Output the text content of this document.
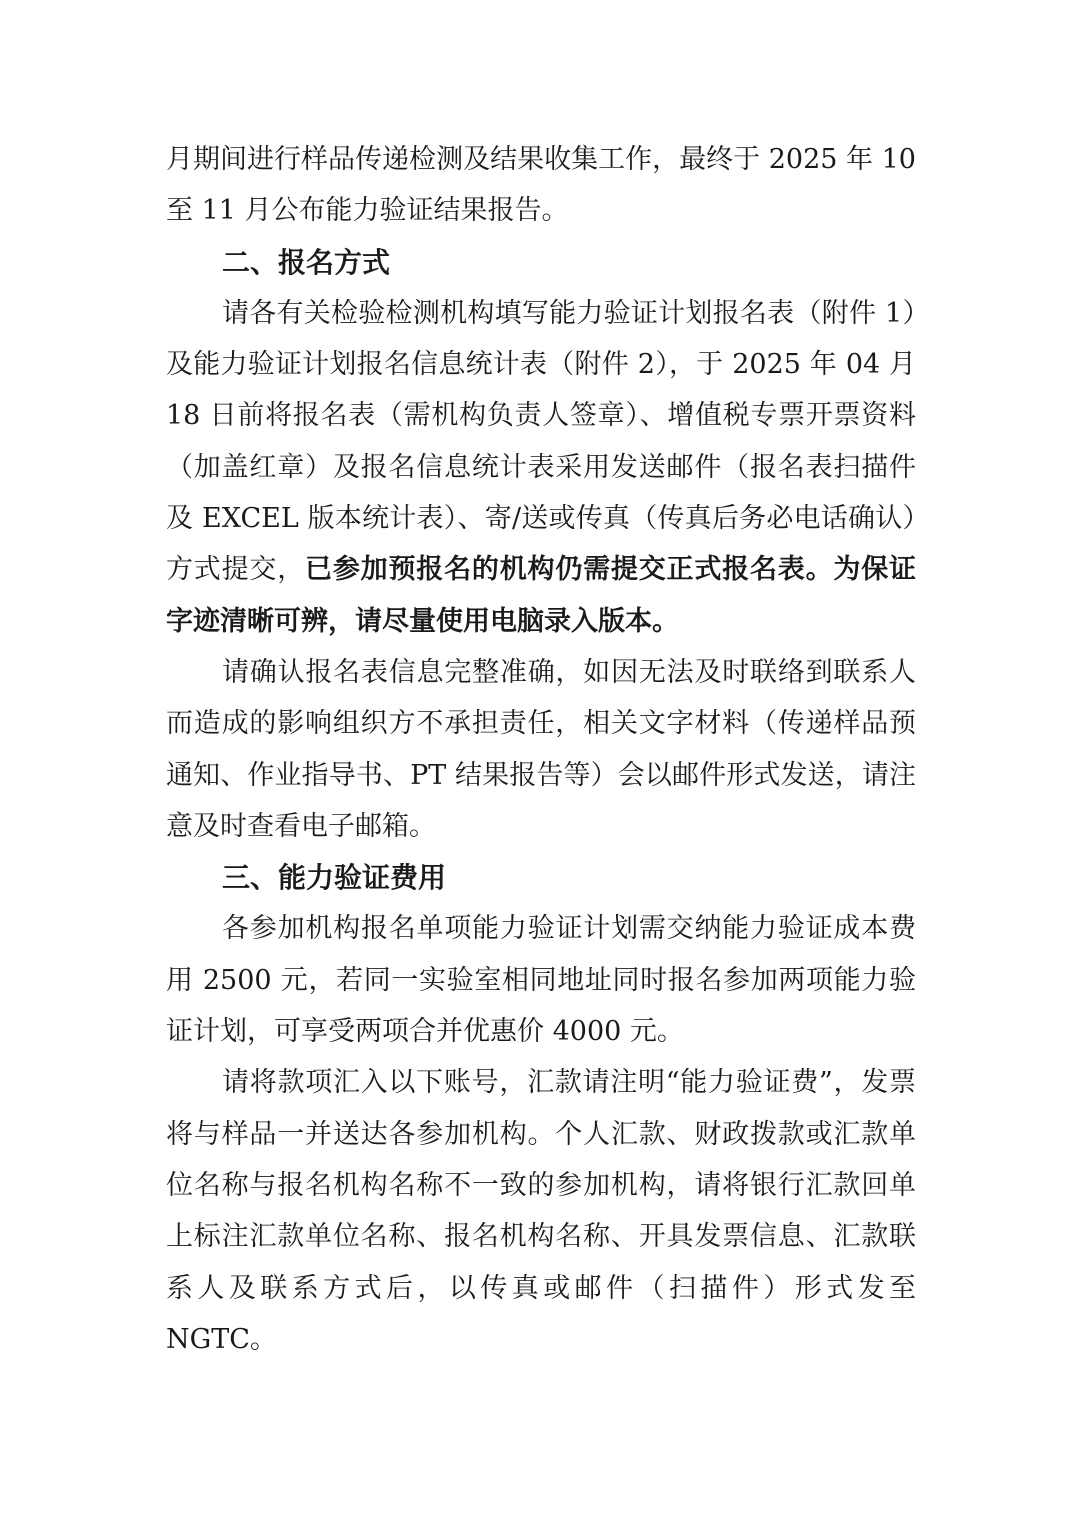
月期间进行样品传递检测及结果收集工作，最终于 2025 年 10 至 11 月公布能力验证结果报告。

二、报名方式

请各有关检验检测机构填写能力验证计划报名表（附件 1）及能力验证计划报名信息统计表（附件 2），于 2025 年 04 月 18 日前将报名表（需机构负责人签章）、增值税专票开票资料（加盖红章）及报名信息统计表采用发送邮件（报名表扫描件及 EXCEL 版本统计表）、寄/送或传真（传真后务必电话确认）方式提交，已参加预报名的机构仍需提交正式报名表。为保证字迹清晰可辨，请尽量使用电脑录入版本。

请确认报名表信息完整准确，如因无法及时联络到联系人而造成的影响组织方不承担责任，相关文字材料（传递样品预通知、作业指导书、PT 结果报告等）会以邮件形式发送，请注意及时查看电子邮箱。

三、能力验证费用

各参加机构报名单项能力验证计划需交纳能力验证成本费用 2500 元，若同一实验室相同地址同时报名参加两项能力验证计划，可享受两项合并优惠价 4000 元。

请将款项汇入以下账号，汇款请注明“能力验证费”，发票将与样品一并送达各参加机构。个人汇款、财政拨款或汇款单位名称与报名机构名称不一致的参加机构，请将银行汇款回单上标注汇款单位名称、报名机构名称、开具发票信息、汇款联系人及联系方式后，以传真或邮件（扫描件）形式发至 NGTC。
